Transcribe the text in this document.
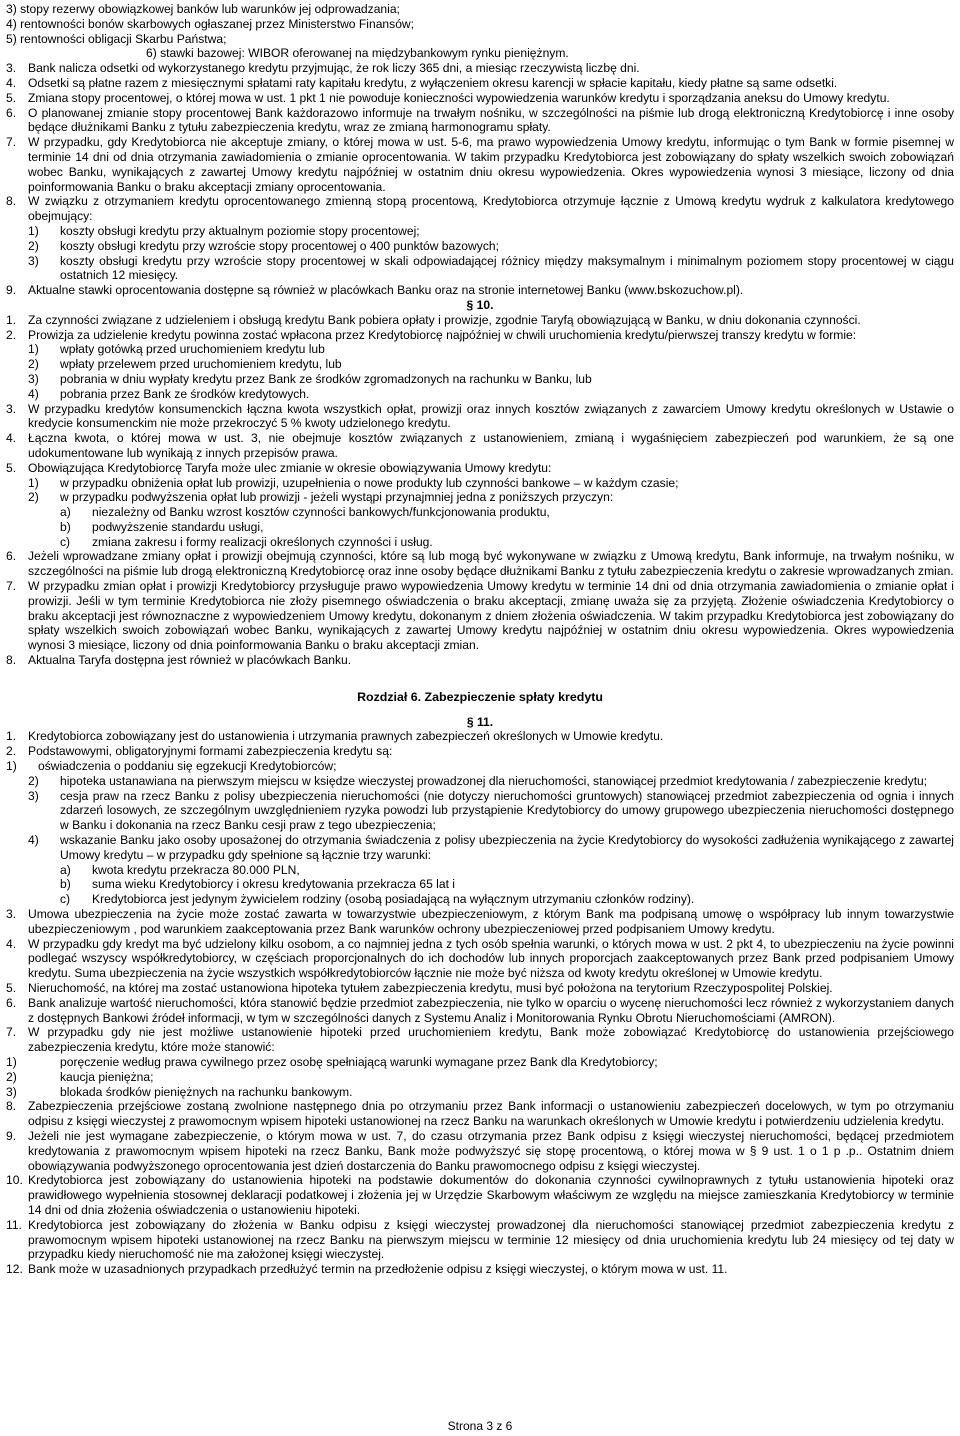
3) stopy rezerwy obowiązkowej banków lub warunków jej odprowadzania;

4) rentowności bonów skarbowych ogłaszanej przez Ministerstwo Finansów;

5) rentowności obligacji Skarbu Państwa;

6) stawki bazowej: WIBOR oferowanej na międzybankowym rynku pieniężnym.

3. Bank nalicza odsetki od wykorzystanego kredytu przyjmując, że rok liczy 365 dni, a miesiąc rzeczywistą liczbę dni.
4. Odsetki są płatne razem z miesięcznymi spłatami raty kapitału kredytu, z wyłączeniem okresu karencji w spłacie kapitału, kiedy płatne są same odsetki.
5. Zmiana stopy procentowej, o której mowa w ust. 1 pkt 1 nie powoduje konieczności wypowiedzenia warunków kredytu i sporządzania aneksu do Umowy kredytu.
6. O planowanej zmianie stopy procentowej Bank każdorazowo informuje na trwałym nośniku, w szczególności na piśmie lub drogą elektroniczną Kredytobiorcę i inne osoby będące dłużnikami Banku z tytułu zabezpieczenia kredytu, wraz ze zmianą harmonogramu spłaty.
7. W przypadku, gdy Kredytobiorca nie akceptuje zmiany, o której mowa w ust. 5-6, ma prawo wypowiedzenia Umowy kredytu, informując o tym Bank w formie pisemnej w terminie 14 dni od dnia otrzymania zawiadomienia o zmianie oprocentowania. W takim przypadku Kredytobiorca jest zobowiązany do spłaty wszelkich swoich zobowiązań wobec Banku, wynikających z zawartej Umowy kredytu najpóźniej w ostatnim dniu okresu wypowiedzenia. Okres wypowiedzenia wynosi 3 miesiące, liczony od dnia poinformowania Banku o braku akceptacji zmiany oprocentowania.
8. W związku z otrzymaniem kredytu oprocentowanego zmienną stopą procentową, Kredytobiorca otrzymuje łącznie z Umową kredytu wydruk z kalkulatora kredytowego obejmujący:
1) koszty obsługi kredytu przy aktualnym poziomie stopy procentowej;
2) koszty obsługi kredytu przy wzroście stopy procentowej o 400 punktów bazowych;
3) koszty obsługi kredytu przy wzroście stopy procentowej w skali odpowiadającej różnicy między maksymalnym i minimalnym poziomem stopy procentowej w ciągu ostatnich 12 miesięcy.
9. Aktualne stawki oprocentowania dostępne są również w placówkach Banku oraz na stronie internetowej Banku (www.bskozuchow.pl).

§ 10.

1. Za czynności związane z udzieleniem i obsługą kredytu Bank pobiera opłaty i prowizje, zgodnie Taryfą obowiązującą w Banku, w dniu dokonania czynności.
2. Prowizja za udzielenie kredytu powinna zostać wpłacona przez Kredytobiorcę najpóźniej w chwili uruchomienia kredytu/pierwszej transzy kredytu w formie:
1) wpłaty gotówką przed uruchomieniem kredytu lub
2) wpłaty przelewem przed uruchomieniem kredytu, lub
3) pobrania w dniu wypłaty kredytu przez Bank ze środków zgromadzonych na rachunku w Banku, lub
4) pobrania przez Bank ze środków kredytowych.
3. W przypadku kredytów konsumenckich łączna kwota wszystkich opłat, prowizji oraz innych kosztów związanych z zawarciem Umowy kredytu określonych w Ustawie o kredycie konsumenckim nie może przekroczyć 5 % kwoty udzielonego kredytu.
4. Łączna kwota, o której mowa w ust. 3, nie obejmuje kosztów związanych z ustanowieniem, zmianą i wygaśnięciem zabezpieczeń pod warunkiem, że są one udokumentowane lub wynikają z innych przepisów prawa.
5. Obowiązująca Kredytobiorcę Taryfa może ulec zmianie w okresie obowiązywania Umowy kredytu:
1) w przypadku obniżenia opłat lub prowizji, uzupełnienia o nowe produkty lub czynności bankowe – w każdym czasie;
2) w przypadku podwyższenia opłat lub prowizji - jeżeli wystąpi przynajmniej jedna z poniższych przyczyn:
a) niezależny od Banku wzrost kosztów czynności bankowych/funkcjonowania produktu,
b) podwyższenie standardu usługi,
c) zmiana zakresu i formy realizacji określonych czynności i usług.
6. Jeżeli wprowadzane zmiany opłat i prowizji obejmują czynności, które są lub mogą być wykonywane w związku z Umową kredytu, Bank informuje, na trwałym nośniku, w szczególności na piśmie lub drogą elektroniczną Kredytobiorcę oraz inne osoby będące dłużnikami Banku z tytułu zabezpieczenia kredytu o zakresie wprowadzanych zmian.
7. W przypadku zmian opłat i prowizji Kredytobiorcy przysługuje prawo wypowiedzenia Umowy kredytu w terminie 14 dni od dnia otrzymania zawiadomienia o zmianie opłat i prowizji. Jeśli w tym terminie Kredytobiorca nie złoży pisemnego oświadczenia o braku akceptacji, zmianę uważa się za przyjętą. Złożenie oświadczenia Kredytobiorcy o braku akceptacji jest równoznaczne z wypowiedzeniem Umowy kredytu, dokonanym z dniem złożenia oświadczenia. W takim przypadku Kredytobiorca jest zobowiązany do spłaty wszelkich swoich zobowiązań wobec Banku, wynikających z zawartej Umowy kredytu najpóźniej w ostatnim dniu okresu wypowiedzenia. Okres wypowiedzenia wynosi 3 miesiące, liczony od dnia poinformowania Banku o braku akceptacji zmian.
8. Aktualna Taryfa dostępna jest również w placówkach Banku.

Rozdział 6. Zabezpieczenie spłaty kredytu

§ 11.

1. Kredytobiorca zobowiązany jest do ustanowienia i utrzymania prawnych zabezpieczeń określonych w Umowie kredytu.
2. Podstawowymi, obligatoryjnymi formami zabezpieczenia kredytu są:
1)	oświadczenia o poddaniu się egzekucji Kredytobiorców;
2) hipoteka ustanawiana na pierwszym miejscu w księdze wieczystej prowadzonej dla nieruchomości, stanowiącej przedmiot kredytowania / zabezpieczenie kredytu;
3) cesja praw na rzecz Banku z polisy ubezpieczenia nieruchomości (nie dotyczy nieruchomości gruntowych) stanowiącej przedmiot zabezpieczenia od ognia i innych zdarzeń losowych, ze szczególnym uwzględnieniem ryzyka powodzi lub przystąpienie Kredytobiorcy do umowy grupowego ubezpieczenia nieruchomości dostępnego w Banku i dokonania na rzecz Banku cesji praw z tego ubezpieczenia;
4) wskazanie Banku jako osoby uposażonej do otrzymania świadczenia z polisy ubezpieczenia na życie Kredytobiorcy do wysokości zadłużenia wynikającego z zawartej Umowy kredytu – w przypadku gdy spełnione są łącznie trzy warunki:
a) kwota kredytu przekracza 80.000 PLN,
b) suma wieku Kredytobiorcy i okresu kredytowania przekracza 65 lat i
c) Kredytobiorca jest jedynym żywicielem rodziny (osobą posiadającą na wyłącznym utrzymaniu członków rodziny).
3. Umowa ubezpieczenia na życie może zostać zawarta w towarzystwie ubezpieczeniowym, z którym Bank ma podpisaną umowę o współpracy lub innym towarzystwie ubezpieczeniowym , pod warunkiem zaakceptowania przez Bank warunków ochrony ubezpieczeniowej przed podpisaniem Umowy kredytu.
4. W przypadku gdy kredyt ma być udzielony kilku osobom, a co najmniej jedna z tych osób spełnia warunki, o których mowa w ust. 2 pkt 4, to ubezpieczeniu na życie powinni podlegać wszyscy współkredytobiorcy, w częściach proporcjonalnych do ich dochodów lub innych proporcjach zaakceptowanych przez Bank przed podpisaniem Umowy kredytu. Suma ubezpieczenia na życie wszystkich współkredytobiorców łącznie nie może być niższa od kwoty kredytu określonej w Umowie kredytu.
5. Nieruchomość, na której ma zostać ustanowiona hipoteka tytułem zabezpieczenia kredytu, musi być położona na terytorium Rzeczypospolitej Polskiej.
6. Bank analizuje wartość nieruchomości, która stanowić będzie przedmiot zabezpieczenia, nie tylko w oparciu o wycenę nieruchomości lecz również z wykorzystaniem danych z dostępnych Bankowi źródeł informacji, w tym w szczególności danych z Systemu Analiz i Monitorowania Rynku Obrotu Nieruchomościami (AMRON).
7. W przypadku gdy nie jest możliwe ustanowienie hipoteki przed uruchomieniem kredytu, Bank może zobowiązać Kredytobiorcę do ustanowienia przejściowego zabezpieczenia kredytu, które może stanowić:
1)	poręczenie według prawa cywilnego przez osobę spełniającą warunki wymagane przez Bank dla Kredytobiorcy;
2)	kaucja pieniężna;
3)	blokada środków pieniężnych na rachunku bankowym.
8. Zabezpieczenia przejściowe zostaną zwolnione następnego dnia po otrzymaniu przez Bank informacji o ustanowieniu zabezpieczeń docelowych, w tym po otrzymaniu odpisu z księgi wieczystej z prawomocnym wpisem hipoteki ustanowionej na rzecz Banku na warunkach określonych w Umowie kredytu i potwierdzeniu udzielenia kredytu.
9. Jeżeli nie jest wymagane zabezpieczenie, o którym mowa w ust. 7, do czasu otrzymania przez Bank odpisu z księgi wieczystej nieruchomości, będącej przedmiotem kredytowania z prawomocnym wpisem hipoteki na rzecz Banku, Bank może podwyższyć się stopę procentową, o której mowa w § 9 ust. 1 o 1 p .p.. Ostatnim dniem obowiązywania podwyższonego oprocentowania jest dzień dostarczenia do Banku prawomocnego odpisu z księgi wieczystej.
10. Kredytobiorca jest zobowiązany do ustanowienia hipoteki na podstawie dokumentów do dokonania czynności cywilnoprawnych z tytułu ustanowienia hipoteki oraz prawidłowego wypełnienia stosownej deklaracji podatkowej i złożenia jej w Urzędzie Skarbowym właściwym ze względu na miejsce zamieszkania Kredytobiorcy w terminie 14 dni od dnia złożenia oświadczenia o ustanowieniu hipoteki.
11. Kredytobiorca jest zobowiązany do złożenia w Banku odpisu z księgi wieczystej prowadzonej dla nieruchomości stanowiącej przedmiot zabezpieczenia kredytu z prawomocnym wpisem hipoteki ustanowionej na rzecz Banku na pierwszym miejscu w terminie 12 miesięcy od dnia uruchomienia kredytu lub 24 miesięcy od tej daty w przypadku kiedy nieruchomość nie ma założonej księgi wieczystej.
12. Bank może w uzasadnionych przypadkach przedłużyć termin na przedłożenie odpisu z księgi wieczystej, o którym mowa w ust. 11.
Strona 3 z 6
